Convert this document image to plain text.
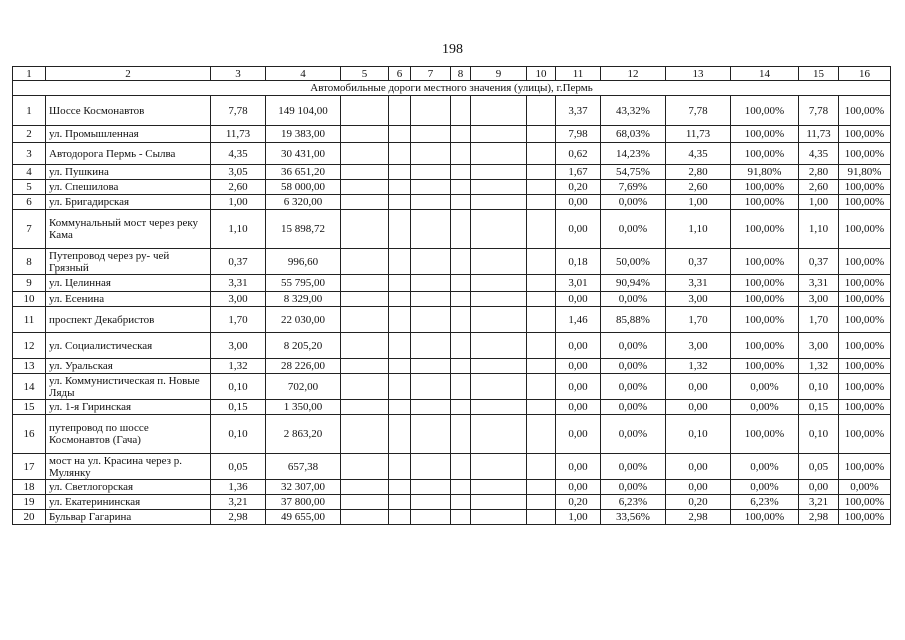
198
1	2	3	4	5	6	7	8	9	10	11	12	13	14	15	16
Автомобильные дороги местного значения (улицы), г.Пермь															
1	Шоссе Космонавтов	7,78	149 104,00							3,37	43,32%	7,78	100,00%	7,78	100,00%
2	ул. Промышленная	11,73	19 383,00							7,98	68,03%	11,73	100,00%	11,73	100,00%
3	Автодорога Пермь - Сылва	4,35	30 431,00							0,62	14,23%	4,35	100,00%	4,35	100,00%
4	ул. Пушкина	3,05	36 651,20							1,67	54,75%	2,80	91,80%	2,80	91,80%
5	ул. Спешилова	2,60	58 000,00							0,20	7,69%	2,60	100,00%	2,60	100,00%
6	ул. Бригадирская	1,00	6 320,00							0,00	0,00%	1,00	100,00%	1,00	100,00%
7	Коммунальный мост через реку Кама	1,10	15 898,72							0,00	0,00%	1,10	100,00%	1,10	100,00%
8	Путепровод через ру- чей Грязный	0,37	996,60							0,18	50,00%	0,37	100,00%	0,37	100,00%
9	ул. Целинная	3,31	55 795,00							3,01	90,94%	3,31	100,00%	3,31	100,00%
10	ул. Есенина	3,00	8 329,00							0,00	0,00%	3,00	100,00%	3,00	100,00%
11	проспект Декабристов	1,70	22 030,00							1,46	85,88%	1,70	100,00%	1,70	100,00%
12	ул. Социалистическая	3,00	8 205,20							0,00	0,00%	3,00	100,00%	3,00	100,00%
13	ул. Уральская	1,32	28 226,00							0,00	0,00%	1,32	100,00%	1,32	100,00%
14	ул. Коммунистическая п. Новые Ляды	0,10	702,00							0,00	0,00%	0,00	0,00%	0,10	100,00%
15	ул. 1-я Гиринская	0,15	1 350,00							0,00	0,00%	0,00	0,00%	0,15	100,00%
16	путепровод по шоссе Космонавтов (Гача)	0,10	2 863,20							0,00	0,00%	0,10	100,00%	0,10	100,00%
17	мост на ул. Красина через р. Мулянку	0,05	657,38							0,00	0,00%	0,00	0,00%	0,05	100,00%
18	ул. Светлогорская	1,36	32 307,00							0,00	0,00%	0,00	0,00%	0,00	0,00%
19	ул. Екатерининская	3,21	37 800,00							0,20	6,23%	0,20	6,23%	3,21	100,00%
20	Бульвар Гагарина	2,98	49 655,00							1,00	33,56%	2,98	100,00%	2,98	100,00%
